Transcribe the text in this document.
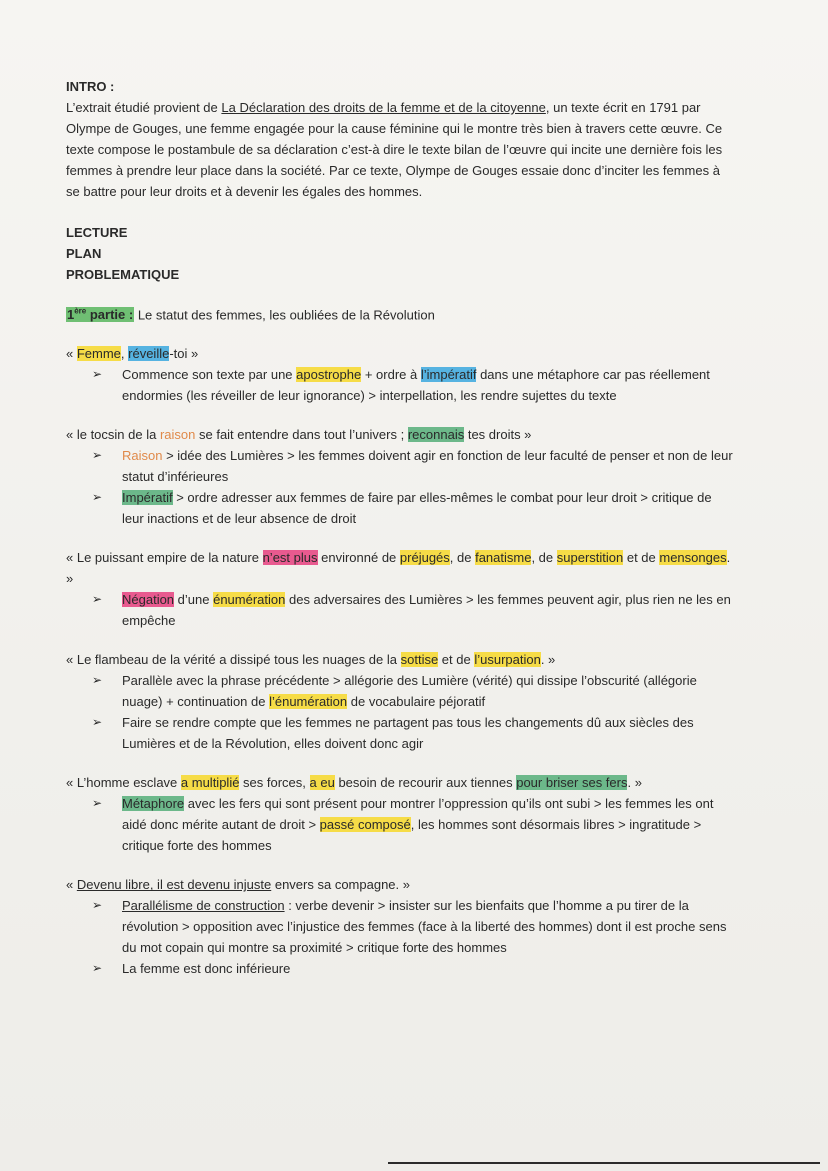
INTRO :

L’extrait étudié provient de La Déclaration des droits de la femme et de la citoyenne, un texte écrit en 1791 par Olympe de Gouges, une femme engagée pour la cause féminine qui le montre très bien à travers cette œuvre. Ce texte compose le postambule de sa déclaration c’est-à dire le texte bilan de l’œuvre qui incite une dernière fois les femmes à prendre leur place dans la société. Par ce texte, Olympe de Gouges essaie donc d’inciter les femmes à se battre pour leur droits et à devenir les égales des hommes.

LECTURE

PLAN

PROBLEMATIQUE

1ère partie : Le statut des femmes, les oubliées de la Révolution

« Femme, réveille-toi »

➢ Commence son texte par une apostrophe + ordre à l’impératif dans une métaphore car pas réellement endormies (les réveiller de leur ignorance) > interpellation, les rendre sujettes du texte

« le tocsin de la raison se fait entendre dans tout l’univers ; reconnais tes droits »

➢ Raison > idée des Lumières > les femmes doivent agir en fonction de leur faculté de penser et non de leur statut d’inférieures
➢ Impératif > ordre adresser aux femmes de faire par elles-mêmes le combat pour leur droit > critique de leur inactions et de leur absence de droit

« Le puissant empire de la nature n’est plus environné de préjugés, de fanatisme, de superstition et de mensonges. »

➢ Négation d’une énumération des adversaires des Lumières > les femmes peuvent agir, plus rien ne les en empêche

« Le flambeau de la vérité a dissipé tous les nuages de la sottise et de l’usurpation. »

➢ Parallèle avec la phrase précédente > allégorie des Lumière (vérité) qui dissipe l’obscurité (allégorie nuage) + continuation de l’énumération de vocabulaire péjoratif
➢ Faire se rendre compte que les femmes ne partagent pas tous les changements dû aux siècles des Lumières et de la Révolution, elles doivent donc agir

« L’homme esclave a multiplié ses forces, a eu besoin de recourir aux tiennes pour briser ses fers. »

➢ Métaphore avec les fers qui sont présent pour montrer l’oppression qu’ils ont subi > les femmes les ont aidé donc mérite autant de droit > passé composé, les hommes sont désormais libres > ingratitude > critique forte des hommes

« Devenu libre, il est devenu injuste envers sa compagne. »

➢ Parallélisme de construction : verbe devenir > insister sur les bienfaits que l’homme a pu tirer de la révolution > opposition avec l’injustice des femmes (face à la liberté des hommes) dont il est proche sens du mot copain qui montre sa proximité > critique forte des hommes
➢ La femme est donc inférieure
